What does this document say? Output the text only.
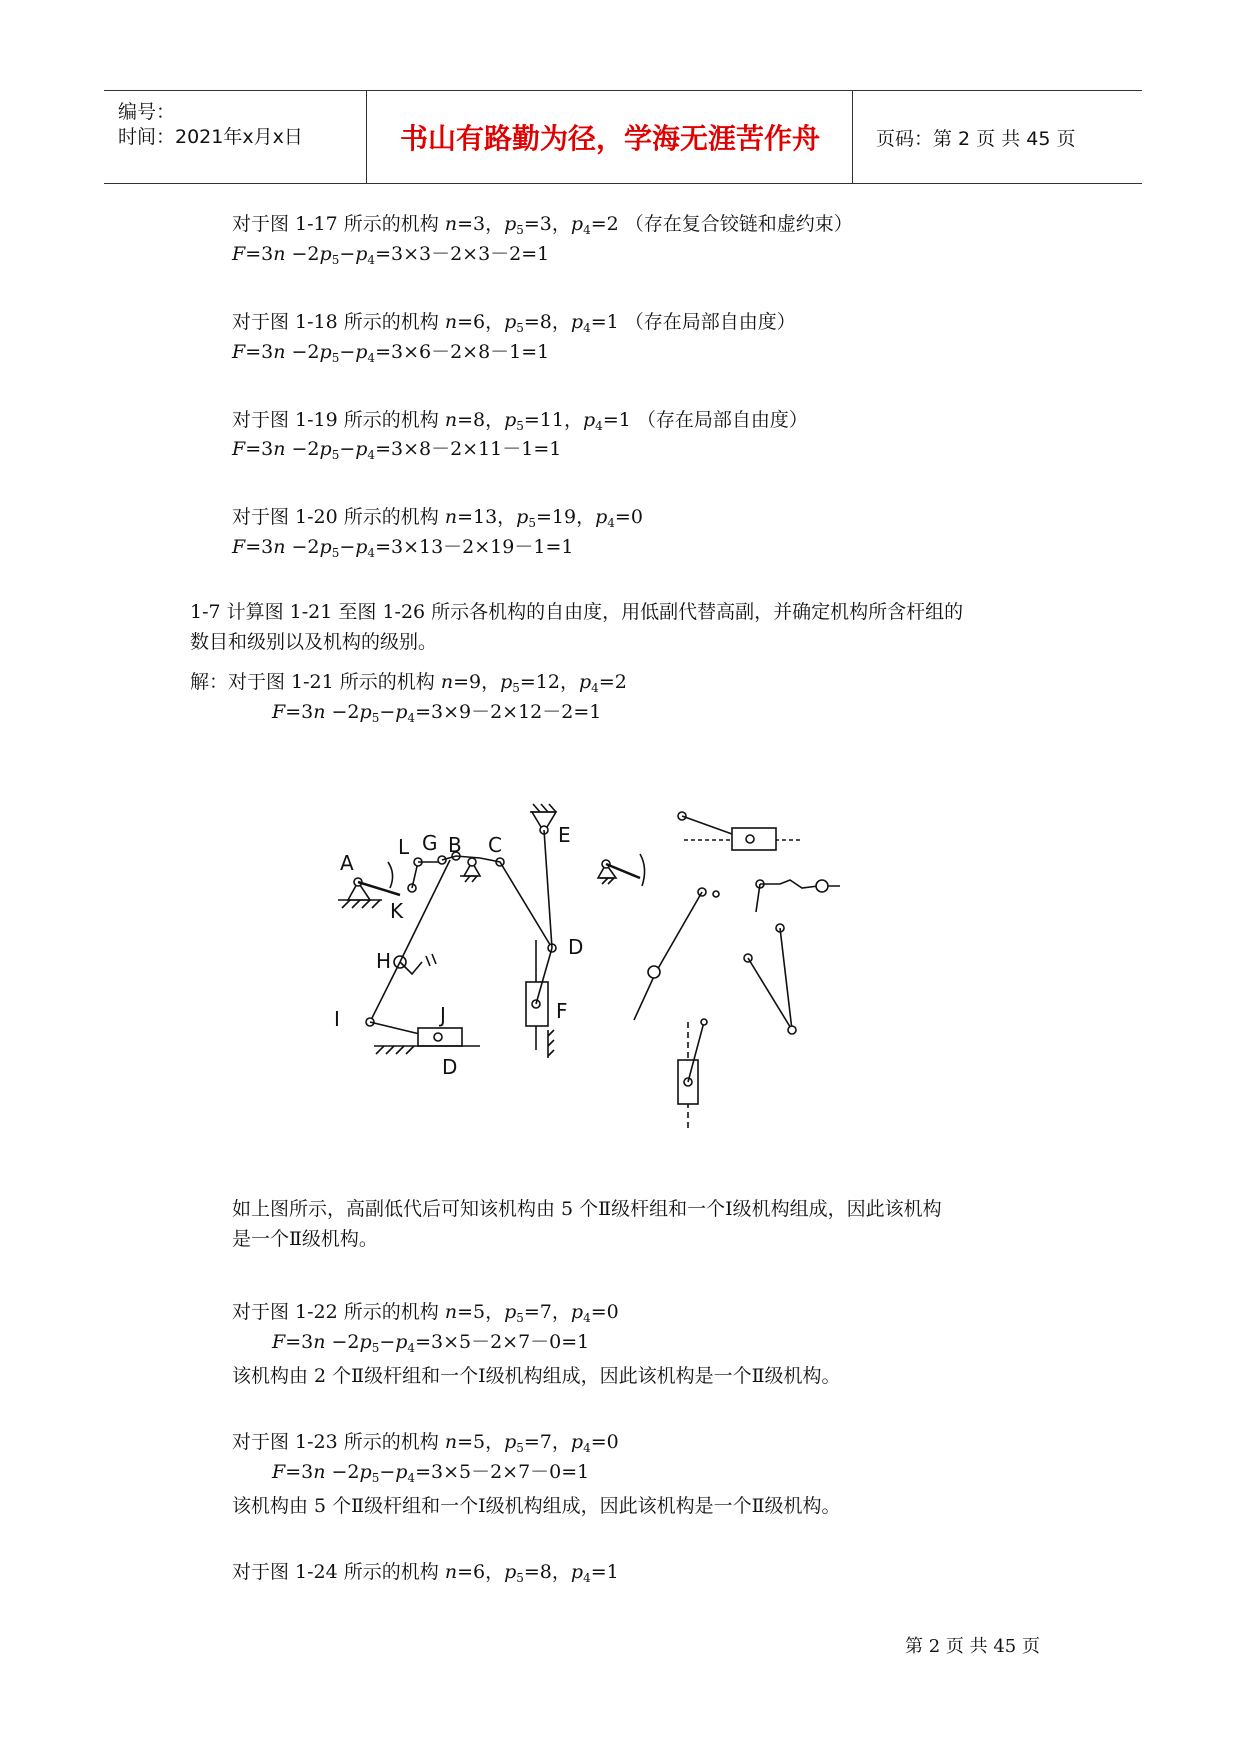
编号：
时间：2021年x月x日	书山有路勤为径，学海无涯苦作舟	页码：第 2 页 共 45 页
对于图 1-17 所示的机构 n=3，$p_5=3$，$p_4=2$ （存在复合铰链和虚约束）
对于图 1-18 所示的机构 n=6，$p_5=8$，$p_4=1$ （存在局部自由度）
对于图 1-19 所示的机构 n=8，$p_5=11$，$p_4=1$ （存在局部自由度）
对于图 1-20 所示的机构 n=13，$p_5=19$，$p_4=0$
解：对于图 1-21 所示的机构 n=9，$p_5=12$，$p_4=2$
对于图 1-22 所示的机构 n=5，$p_5=7$，$p_4=0$
对于图 1-23 所示的机构 n=5，$p_5=7$，$p_4=0$
对于图 1-24 所示的机构 n=6，$p_5=8$，$p_4=1$
$F=3n -2p_5-p_4=3\times 3-2\times 3-2=1$
$F=3n -2p_5-p_4=3\times 6-2\times 8-1=1$
$F=3n -2p_5-p_4=3\times 8-2\times 11-1=1$
$F=3n -2p_5-p_4=3\times 13-2\times 19-1=1$
$F=3n -2p_5-p_4=3\times 9-2\times 12-2=1$
$F=3n -2p_5-p_4=3\times 5-2\times 7-0=1$
$F=3n -2p_5-p_4=3\times 5-2\times 7-0=1$
1-7 计算图 1-21 至图 1-26 所示各机构的自由度，用低副代替高副，并确定机构所含杆组的
数目和级别以及机构的级别。
如上图所示，高副低代后可知该机构由 5 个Ⅱ级杆组和一个Ⅰ级机构组成，因此该机构
是一个Ⅱ级机构。
该机构由 2 个Ⅱ级杆组和一个Ⅰ级机构组成，因此该机构是一个Ⅱ级机构。
该机构由 5 个Ⅱ级杆组和一个Ⅰ级机构组成，因此该机构是一个Ⅱ级机构。
A
L G B C	E
K
D
H
I	J	F
D
第 2 页 共 45 页
